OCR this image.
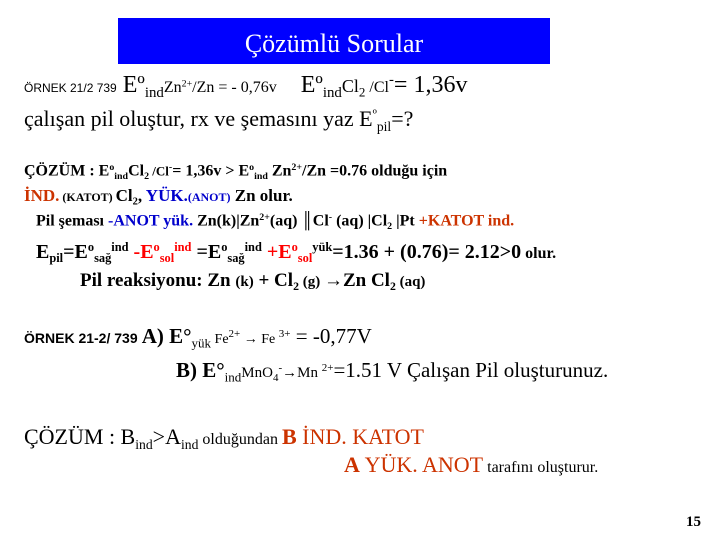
Çözümlü Sorular
ÖRNEK 21/2 739 $Eº_{ind}Zn^{2+}/Zn$ = - 0,76v $Eº_{ind}Cl_2$ /Cl-= 1,36v
çalışan pil oluştur, rx ve şemasını yaz $E^º_{pil}=$?
ÇÖZÜM : $E^o_{ind}Cl_2$ $/Cl^-= 1,36v > E^o_{ind}$ $Zn^{2+}/Zn =0.76$ olduğu için
İND. (KATOT) $Cl_2$, YÜK.(ANOT) Zn olur.
Pil şeması -ANOT yük. $Zn(k)|Zn^{2+}(aq)$ ║Cl- (aq) $|Cl_2$ |Pt +KATOT ind.
$E_{pil}=E^o_{sağ}^{ind}$ $-E^o_{sol}^{ind} =E^o_{sağ}^{ind} +E^o_{sol}^{yük}=1.36 + (0.76)= 2.12>0$ olur.
Pil reaksiyonu: Zn $(k) + Cl_2$ (g) →Zn $Cl_2$ (aq)
ÖRNEK 21-2/ 739 A) $E^\circ_{yük}$ $Fe^{2+} \to Fe$ $^{3+}$ = -0,77V
B) $E^\circ_{ind}MnO_4^-\to Mn$ $^{2+}$=1.51 V Çalışan Pil oluşturunuz.
ÇÖZÜM : $B_{ind}>A_{ind}$ olduğundan B İND. KATOT
A YÜK. ANOT tarafını oluşturur.
15
